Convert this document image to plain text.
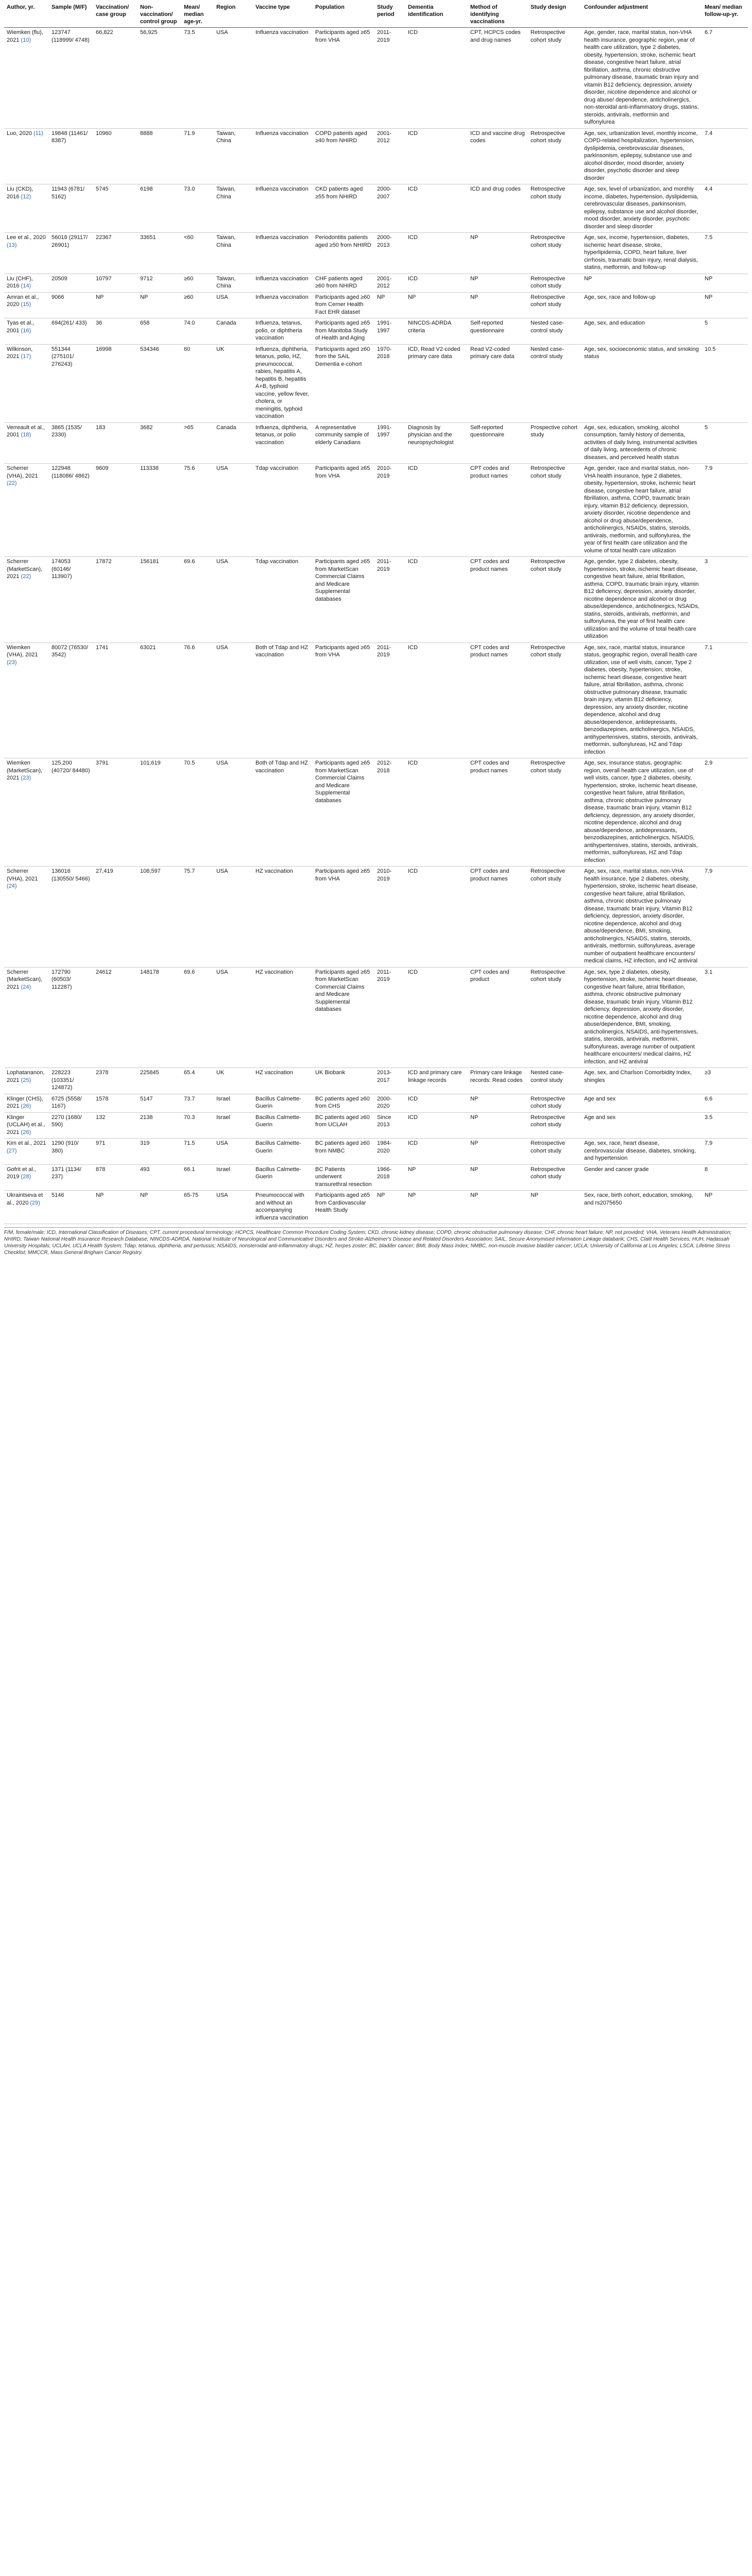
Author, yr.	Sample (M/F)	Vaccination/ case group	Non-vaccination/ control group	Mean/ median age-yr.	Region	Vaccine type	Population	Study period	Dementia identification	Method of identifying vaccinations	Study design	Confounder adjustment	Mean/ median follow-up-yr.
Wiemken (flu), 2021 (10)	123747 (118999/ 4748)	66,822	56,925	73.5	USA	Influenza vaccination	Participants aged ≥65 from VHA	2011-2019	ICD	CPT, HCPCS codes and drug names	Retrospective cohort study	Age, gender, race, marital status, non-VHA health insurance, geographic region, year of health care utilization, type 2 diabetes, obesity, hypertension, stroke, ischemic heart disease, congestive heart failure, atrial fibrillation, asthma, chronic obstructive pulmonary disease, traumatic brain injury and vitamin B12 deficiency, depression, anxiety disorder, nicotine dependence and alcohol or drug abuse/ dependence, anticholinergics, non-steroidal anti-inflammatory drugs, statins, steroids, antivirals, metformin and sulfonylurea	6.7
Luo, 2020 (11)	19848 (11461/ 8387)	10960	8888	71.9	Taiwan, China	Influenza vaccination	COPD patients aged ≥40 from NHIRD	2001-2012	ICD	ICD and vaccine drug codes	Retrospective cohort study	Age, sex, urbanization level, monthly income, COPD-related hospitalization, hypertension, dyslipidemia, cerebrovascular diseases, parkinsonism, epilepsy, substance use and alcohol disorder, mood disorder, anxiety disorder, psychotic disorder and sleep disorder	7.4
Liu (CKD), 2016 (12)	11943 (6781/ 5162)	5745	6198	73.0	Taiwan, China	Influenza vaccination	CKD patients aged ≥55 from NHIRD	2000-2007	ICD	ICD and drug codes	Retrospective cohort study	Age, sex, level of urbanization, and monthly income, diabetes, hypertension, dyslipidemia, cerebrovascular diseases, parkinsonism, epilepsy, substance use and alcohol disorder, mood disorder, anxiety disorder, psychotic disorder and sleep disorder	4.4
Lee et al., 2020 (13)	56018 (29117/ 26901)	22367	33651	<60	Taiwan, China	Influenza vaccination	Periodontitis patients aged ≥50 from NHIRD	2000-2013	ICD	NP	Retrospective cohort study	Age, sex, income, hypertension, diabetes, ischemic heart disease, stroke, hyperlipidemia, COPD, heart failure, liver cirrhosis, traumatic brain injury, renal dialysis, statins, metformin, and follow-up	7.5
Liu (CHF), 2016 (14)	20509	10797	9712	≥60	Taiwan, China	Influenza vaccination	CHF patients aged ≥60 from NHIRD	2001-2012	ICD	NP	Retrospective cohort study	NP	NP
Amran et al., 2020 (15)	9066	NP	NP	≥60	USA	Influenza vaccination	Participants aged ≥60 from Cerner Health Fact EHR dataset	NP	NP	NP	Retrospective cohort study	Age, sex, race and follow-up	NP
Tyas et al., 2001 (16)	694(261/ 433)	36	658	74.0	Canada	Influenza, tetanus, polio, or diphtheria vaccination	Participants aged ≥65 from Manitoba Study of Health and Aging	1991-1997	NINCDS-ADRDA criteria	Self-reported questionnaire	Nested case-control study	Age, sex, and education	5
Wilkinson, 2021 (17)	551344 (275101/ 276243)	16998	534346	60	UK	Influenza, diphtheria, tetanus, polio, HZ, pneumococcal, rabies, hepatitis A, hepatitis B, hepatitis A+B, typhoid vaccine, yellow fever, cholera, or meningitis, typhoid vaccination	Participants aged ≥60 from the SAIL Dementia e-cohort	1970-2018	ICD, Read V2-coded primary care data	Read V2-coded primary care data	Nested case-control study	Age, sex, socioeconomic status, and smoking status	10.5
Verreault et al., 2001 (18)	3865 (1535/ 2330)	183	3682	>65	Canada	Influenza, diphtheria, tetanus, or polio vaccination	A representative community sample of elderly Canadians	1991-1997	Diagnosis by physician and the neuropsychologist	Self-reported questionnaire	Prospective cohort study	Age, sex, education, smoking, alcohol consumption, family history of dementia, activities of daily living, instrumental activities of daily living, antecedents of chronic diseases, and perceived health status	5
Scherrer (VHA), 2021 (22)	122948 (118086/ 4862)	9609	113338	75.6	USA	Tdap vaccination	Participants aged ≥65 from VHA	2010-2019	ICD	CPT codes and product names	Retrospective cohort study	Age, gender, race and marital status, non-VHA health insurance, type 2 diabetes, obesity, hypertension, stroke, ischemic heart disease, congestive heart failure, atrial fibrillation, asthma, COPD, traumatic brain injury, vitamin B12 deficiency, depression, anxiety disorder, nicotine dependence and alcohol or drug abuse/dependence, anticholinergics, NSAIDs, statins, steroids, antivirals, metformin, and sulfonylurea, the year of first health care utilization and the volume of total health care utilization	7.9
Scherrer (MarketScan), 2021 (22)	174053 (60146/ 113907)	17872	156181	69.6	USA	Tdap vaccination	Participants aged ≥65 from MarketScan Commercial Claims and Medicare Supplemental databases	2011-2019	ICD	CPT codes and product names	Retrospective cohort study	Age, gender, type 2 diabetes, obesity, hypertension, stroke, ischemic heart disease, congestive heart failure, atrial fibrillation, asthma, COPD, traumatic brain injury, vitamin B12 deficiency, depression, anxiety disorder, nicotine dependence and alcohol or drug abuse/dependence, anticholinergics, NSAIDs, statins, steroids, antivirals, metformin, and sulfonylurea, the year of first health care utilization and the volume of total health care utilization	3
Wiemken (VHA), 2021 (23)	80072 (76530/ 3542)	1741	63021	76.6	USA	Both of Tdap and HZ vaccination	Participants aged ≥65 from VHA	2011-2019	ICD	CPT codes and product names	Retrospective cohort study	Age, sex, race, marital status, insurance status, geographic region, overall health care utilization, use of well visits, cancer, Type 2 diabetes, obesity, hypertension, stroke, ischemic heart disease, congestive heart failure, atrial fibrillation, asthma, chronic obstructive pulmonary disease, traumatic brain injury, vitamin B12 deficiency, depression, any anxiety disorder, nicotine dependence, alcohol and drug abuse/dependence, antidepressants, benzodiazepines, anticholinergics, NSAIDS, antihypertensives, statins, steroids, antivirals, metformin, sulfonylureas, HZ and Tdap infection	7.1
Wiemken (MarketScan), 2021 (23)	125,200 (40720/ 84480)	3791	101,619	70.5	USA	Both of Tdap and HZ vaccination	Participants aged ≥65 from MarketScan Commercial Claims and Medicare Supplemental databases	2012-2018	ICD	CPT codes and product names	Retrospective cohort study	Age, sex, insurance status, geographic region, overall health care utilization, use of well visits, cancer, type 2 diabetes, obesity, hypertension, stroke, ischemic heart disease, congestive heart failure, atrial fibrillation, asthma, chronic obstructive pulmonary disease, traumatic brain injury, vitamin B12 deficiency, depression, any anxiety disorder, nicotine dependence, alcohol and drug abuse/dependence, antidepressants, benzodiazepines, anticholinergics, NSAIDS, antihypertensives, statins, steroids, antivirals, metformin, sulfonylureas, HZ and Tdap infection	2.9
Scherrer (VHA), 2021 (24)	136016 (130550/ 5466)	27,419	108,597	75.7	USA	HZ vaccination	Participants aged ≥65 from VHA	2010-2019	ICD	CPT codes and product names	Retrospective cohort study	Age, sex, race, marital status, non-VHA health insurance, type 2 diabetes, obesity, hypertension, stroke, ischemic heart disease, congestive heart failure, atrial fibrillation, asthma, chronic obstructive pulmonary disease, traumatic brain injury, Vitamin B12 deficiency, depression, anxiety disorder, nicotine dependence, alcohol and drug abuse/dependence, BMI, smoking, anticholinergics, NSAIDS, statins, steroids, antivirals, metformin, sulfonylureas, average number of outpatient healthcare encounters/ medical claims, HZ infection, and HZ antiviral	7.9
Scherrer (MarketScan), 2021 (24)	172790 (60503/ 112287)	24612	148178	69.6	USA	HZ vaccination	Participants aged ≥65 from MarketScan Commercial Claims and Medicare Supplemental databases	2011-2019	ICD	CPT codes and product	Retrospective cohort study	Age, sex, type 2 diabetes, obesity, hypertension, stroke, ischemic heart disease, congestive heart failure, atrial fibrillation, asthma, chronic obstructive pulmonary disease, traumatic brain injury, Vitamin B12 deficiency, depression, anxiety disorder, nicotine dependence, alcohol and drug abuse/dependence, BMI, smoking, anticholinergics, NSAIDS, anti-hypertensives, statins, steroids, antivirals, metformin, sulfonylureas, average number of outpatient healthcare encounters/ medical claims, HZ infection, and HZ antiviral	3.1
Lophatananon, 2021 (25)	228223 (103351/ 124872)	2378	225845	65.4	UK	HZ vaccination	UK Biobank	2013-2017	ICD and primary care linkage records	Primary care linkage records: Read codes	Nested case-control study	Age, sex, and Charlson Comorbidity Index, shingles	≥3
Klinger (CHS), 2021 (26)	6725 (5558/ 1167)	1578	5147	73.7	Israel	Bacillus Calmette-Guerin	BC patients aged ≥60 from CHS	2000-2020	ICD	NP	Retrospective cohort study	Age and sex	6.6
Klinger (UCLAH) et al., 2021 (26)	2270 (1680/ 590)	132	2138	70.3	Israel	Bacillus Calmette-Guerin	BC patients aged ≥60 from UCLAH	Since 2013	ICD	NP	Retrospective cohort study	Age and sex	3.5
Kim et al., 2021 (27)	1290 (910/ 380)	971	319	71.5	USA	Bacillus Calmette-Guerin	BC patients aged ≥60 from NMBC	1984-2020	ICD	NP	Retrospective cohort study	Age, sex, race, heart disease, cerebrovascular disease, diabetes, smoking, and hypertension	7.9
Gofrit et al., 2019 (28)	1371 (1134/ 237)	878	493	66.1	Israel	Bacillus Calmette-Guerin	BC Patients underwent transurethral resection	1966-2018	NP	NP	Retrospective cohort study	Gender and cancer grade	8
Ukraintseva et al., 2020 (29)	5146	NP	NP	65-75	USA	Pneumococcal with and without an accompanying influenza vaccination	Participants aged ≥65 from Cardiovascular Health Study	NP	NP	NP	NP	Sex, race, birth cohort, education, smoking, and rs2075650	NP
F/M, female/male; ICD, International Classification of Diseases; CPT, current procedural terminology; HCPCS, Healthcare Common Procedure Coding System; CKD, chronic kidney disease; COPD, chronic obstructive pulmonary disease; CHF, chronic heart failure; NP, not provided; VHA, Veterans Health Administration; NHIRD, Taiwan National Health Insurance Research Database; NINCDS-ADRDA, National Institute of Neurological and Communicative Disorders and Stroke-Alzheimer's Disease and Related Disorders Association; SAIL, Secure Anonymised Information Linkage databank; CHS, Clalit Health Services; HUH, Hadassah University Hospitals; UCLAH, UCLA Health System; Tdap, tetanus, diphtheria, and pertussis; NSAIDS, nonsteroidal anti-inflammatory drugs; HZ, herpes zoster; BC, bladder cancer; BMI, Body Mass Index; NMBC, non-muscle invasive bladder cancer; UCLA, University of California at Los Angeles; LSCA, Lifetime Stress Checklist; MMCCR, Mass General Brigham Cancer Registry.
